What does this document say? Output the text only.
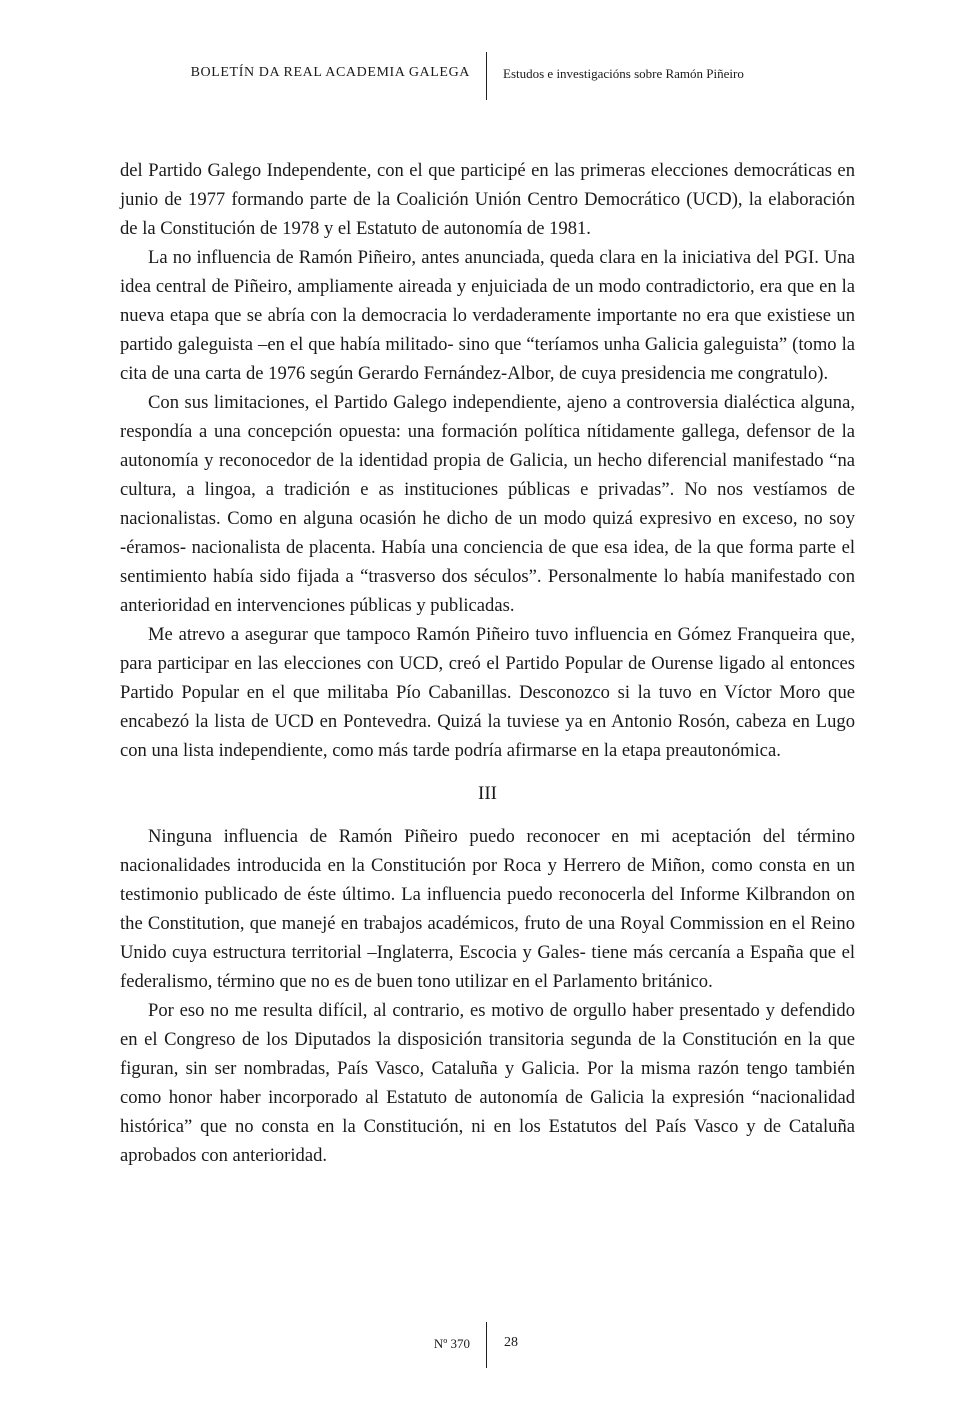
BOLETÍN DA REAL ACADEMIA GALEGA	Estudos e investigacións sobre Ramón Piñeiro

del Partido Galego Independente, con el que participé en las primeras elecciones democráticas en junio de 1977 formando parte de la Coalición Unión Centro Democrático (UCD), la elaboración de la Constitución de 1978 y el Estatuto de autonomía de 1981.

La no influencia de Ramón Piñeiro, antes anunciada, queda clara en la iniciativa del PGI. Una idea central de Piñeiro, ampliamente aireada y enjuiciada de un modo contradictorio, era que en la nueva etapa que se abría con la democracia lo verdaderamente importante no era que existiese un partido galeguista –en el que había militado- sino que “teríamos unha Galicia galeguista” (tomo la cita de una carta de 1976 según Gerardo Fernández-Albor, de cuya presidencia me congratulo).

Con sus limitaciones, el Partido Galego independiente, ajeno a controversia dialéctica alguna, respondía a una concepción opuesta: una formación política nítidamente gallega, defensor de la autonomía y reconocedor de la identidad propia de Galicia, un hecho diferencial manifestado “na cultura, a lingoa, a tradición e as instituciones públicas e privadas”. No nos vestíamos de nacionalistas. Como en alguna ocasión he dicho de un modo quizá expresivo en exceso, no soy -éramos- nacionalista de placenta. Había una conciencia de que esa idea, de la que forma parte el sentimiento había sido fijada a “trasverso dos séculos”. Personalmente lo había manifestado con anterioridad en intervenciones públicas y publicadas.

Me atrevo a asegurar que tampoco Ramón Piñeiro tuvo influencia en Gómez Franqueira que, para participar en las elecciones con UCD, creó el Partido Popular de Ourense ligado al entonces Partido Popular en el que militaba Pío Cabanillas. Desconozco si la tuvo en Víctor Moro que encabezó la lista de UCD en Pontevedra. Quizá la tuviese ya en Antonio Rosón, cabeza en Lugo con una lista independiente, como más tarde podría afirmarse en la etapa preautonómica.

III

Ninguna influencia de Ramón Piñeiro puedo reconocer en mi aceptación del término nacionalidades introducida en la Constitución por Roca y Herrero de Miñon, como consta en un testimonio publicado de éste último. La influencia puedo reconocerla del Informe Kilbrandon on the Constitution, que manejé en trabajos académicos, fruto de una Royal Commission en el Reino Unido cuya estructura territorial –Inglaterra, Escocia y Gales- tiene más cercanía a España que el federalismo, término que no es de buen tono utilizar en el Parlamento británico.

Por eso no me resulta difícil, al contrario, es motivo de orgullo haber presentado y defendido en el Congreso de los Diputados la disposición transitoria segunda de la Constitución en la que figuran, sin ser nombradas, País Vasco, Cataluña y Galicia. Por la misma razón tengo también como honor haber incorporado al Estatuto de autonomía de Galicia la expresión “nacionalidad histórica” que no consta en la Constitución, ni en los Estatutos del País Vasco y de Cataluña aprobados con anterioridad.

Nº 370 28
